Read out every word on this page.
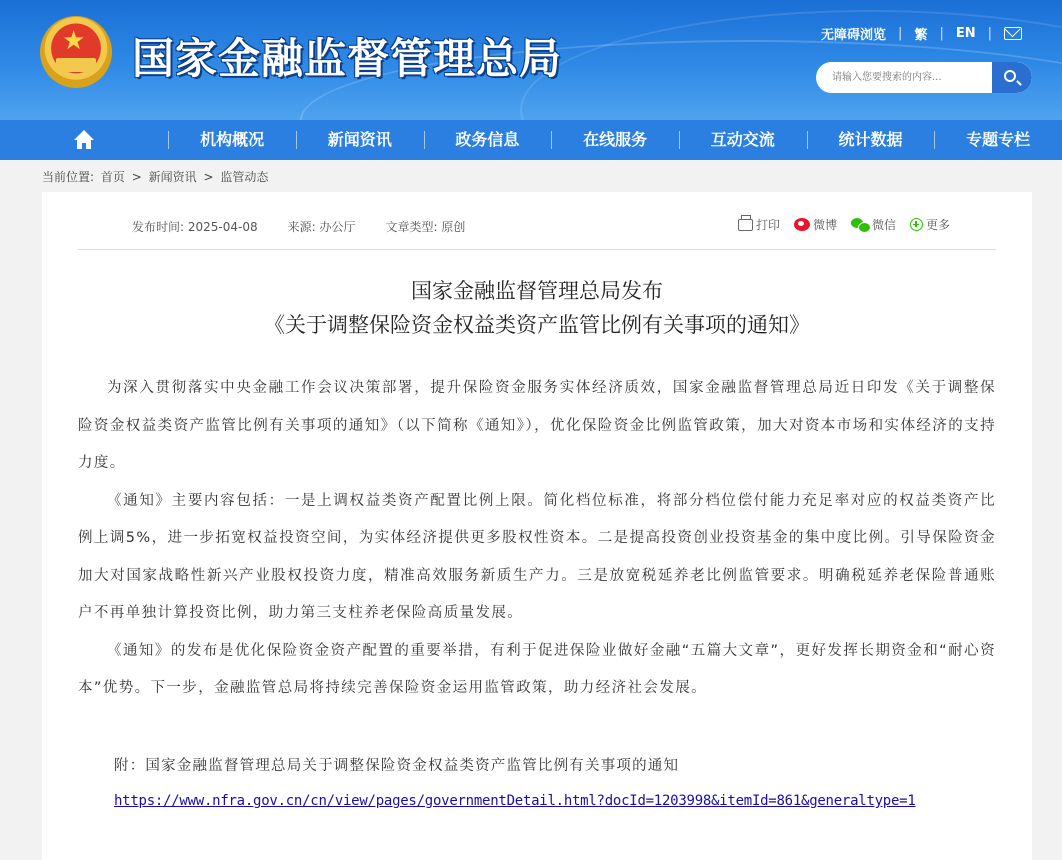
★ 国家金融监督管理总局	无障碍浏览 | 繁 | EN |
请输入您要搜索的内容...
机构概况	新闻资讯	政务信息	在线服务	互动交流	统计数据	专题专栏
当前位置: 首页 > 新闻资讯 > 监管动态
发布时间: 2025-04-08	来源: 办公厅	文章类型: 原创	打印	微博	微信	更多
国家金融监督管理总局发布
《关于调整保险资金权益类资产监管比例有关事项的通知》

为深入贯彻落实中央金融工作会议决策部署，提升保险资金服务实体经济质效，国家金融监督管理总局近日印发《关于调整保险资金权益类资产监管比例有关事项的通知》（以下简称《通知》），优化保险资金比例监管政策，加大对资本市场和实体经济的支持力度。

《通知》主要内容包括：一是上调权益类资产配置比例上限。简化档位标准，将部分档位偿付能力充足率对应的权益类资产比例上调5%，进一步拓宽权益投资空间，为实体经济提供更多股权性资本。二是提高投资创业投资基金的集中度比例。引导保险资金加大对国家战略性新兴产业股权投资力度，精准高效服务新质生产力。三是放宽税延养老比例监管要求。明确税延养老保险普通账户不再单独计算投资比例，助力第三支柱养老保险高质量发展。

《通知》的发布是优化保险资金资产配置的重要举措，有利于促进保险业做好金融“五篇大文章”，更好发挥长期资金和“耐心资本”优势。下一步，金融监管总局将持续完善保险资金运用监管政策，助力经济社会发展。

附：国家金融监督管理总局关于调整保险资金权益类资产监管比例有关事项的通知
https://www.nfra.gov.cn/cn/view/pages/governmentDetail.html?docId=1203998&itemId=861&generaltype=1
